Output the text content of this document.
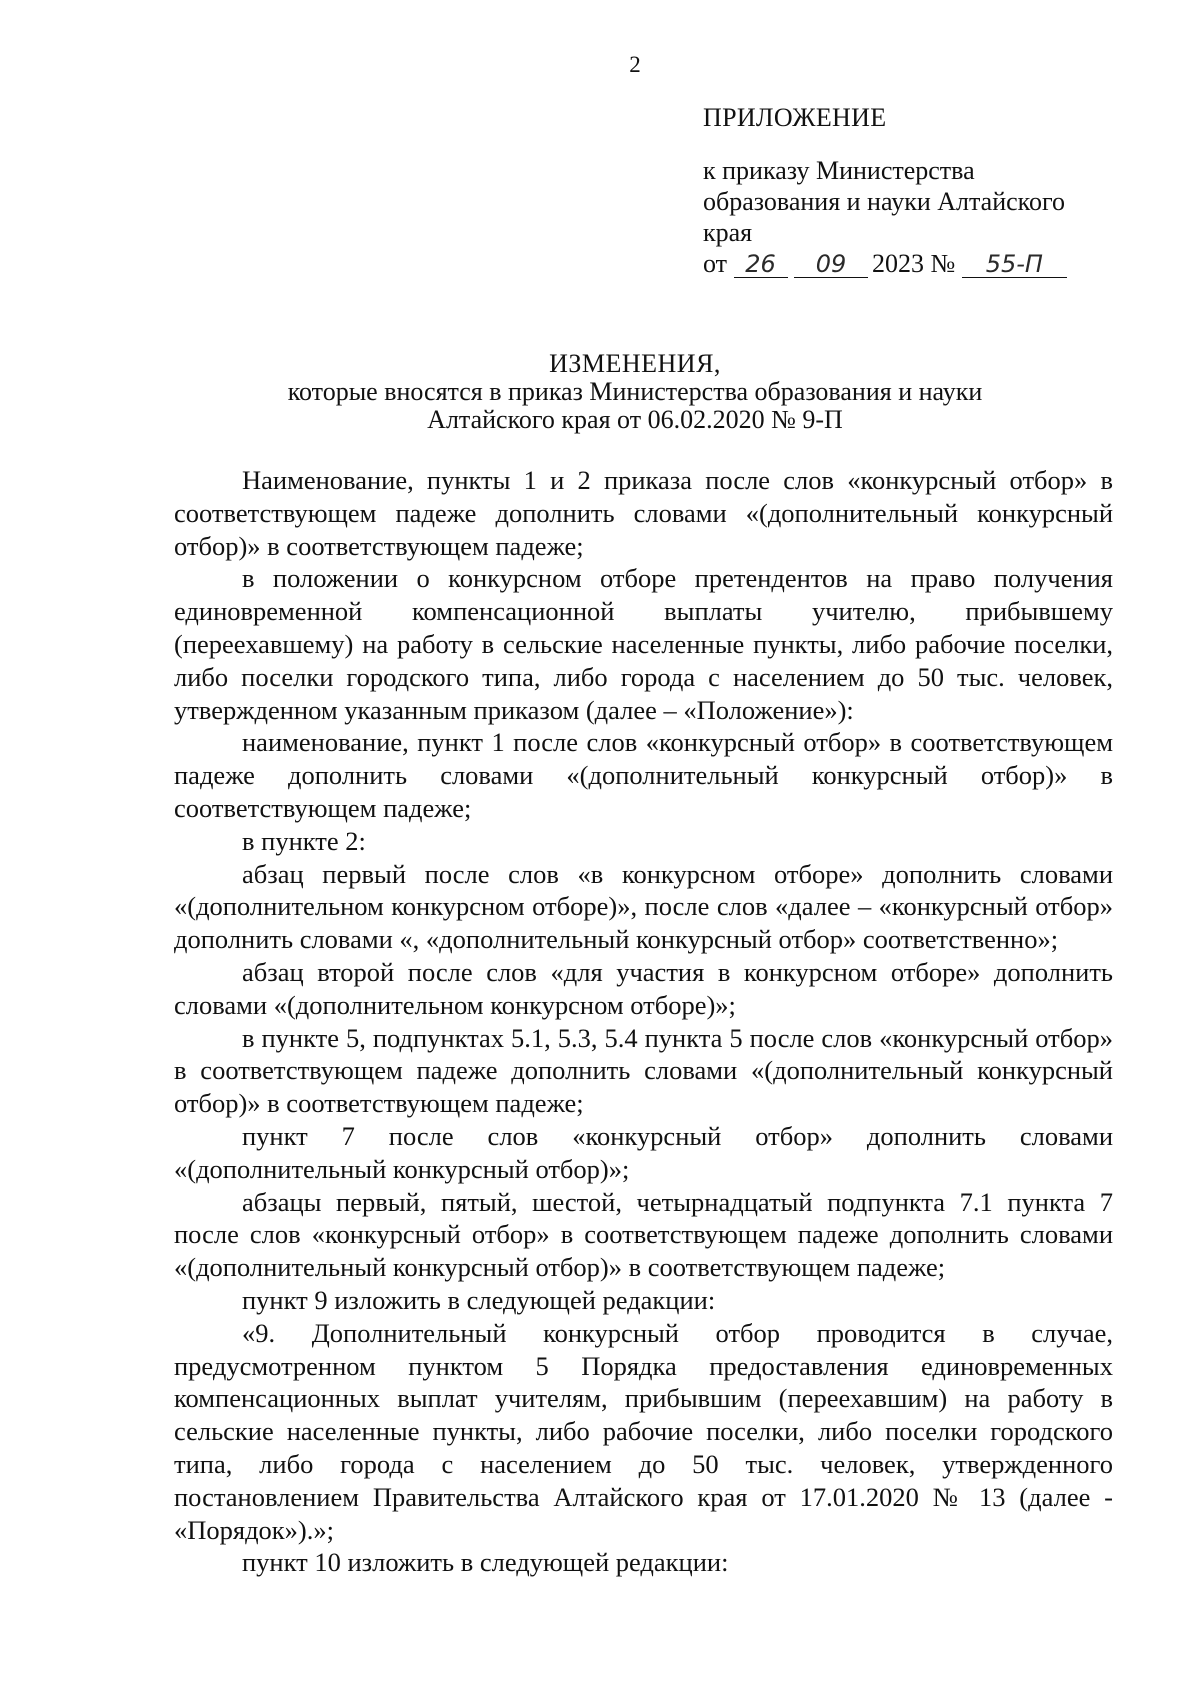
2
ПРИЛОЖЕНИЕ
к приказу Министерства
образования и науки Алтайского
края
от 26 09 2023 № 55-П
ИЗМЕНЕНИЯ,
которые вносятся в приказ Министерства образования и науки
Алтайского края от 06.02.2020 № 9-П

Наименование, пункты 1 и 2 приказа после слов «конкурсный отбор» в соответствующем падеже дополнить словами «(дополнительный конкурсный отбор)» в соответствующем падеже;

в положении о конкурсном отборе претендентов на право получения единовременной компенсационной выплаты учителю, прибывшему (переехавшему) на работу в сельские населенные пункты, либо рабочие поселки, либо поселки городского типа, либо города с населением до 50 тыс. человек, утвержденном указанным приказом (далее – «Положение»):

наименование, пункт 1 после слов «конкурсный отбор» в соответствующем падеже дополнить словами «(дополнительный конкурсный отбор)» в соответствующем падеже;

в пункте 2:

абзац первый после слов «в конкурсном отборе» дополнить словами «(дополнительном конкурсном отборе)», после слов «далее – «конкурсный отбор» дополнить словами «, «дополнительный конкурсный отбор» соответственно»;

абзац второй после слов «для участия в конкурсном отборе» дополнить словами «(дополнительном конкурсном отборе)»;

в пункте 5, подпунктах 5.1, 5.3, 5.4 пункта 5 после слов «конкурсный отбор» в соответствующем падеже дополнить словами «(дополнительный конкурсный отбор)» в соответствующем падеже;

пункт 7 после слов «конкурсный отбор» дополнить словами «(дополнительный конкурсный отбор)»;

абзацы первый, пятый, шестой, четырнадцатый подпункта 7.1 пункта 7 после слов «конкурсный отбор» в соответствующем падеже дополнить словами «(дополнительный конкурсный отбор)» в соответствующем падеже;

пункт 9 изложить в следующей редакции:

«9. Дополнительный конкурсный отбор проводится в случае, предусмотренном пунктом 5 Порядка предоставления единовременных компенсационных выплат учителям, прибывшим (переехавшим) на работу в сельские населенные пункты, либо рабочие поселки, либо поселки городского типа, либо города с населением до 50 тыс. человек, утвержденного постановлением Правительства Алтайского края от 17.01.2020 № 13 (далее - «Порядок»).»;

пункт 10 изложить в следующей редакции:
